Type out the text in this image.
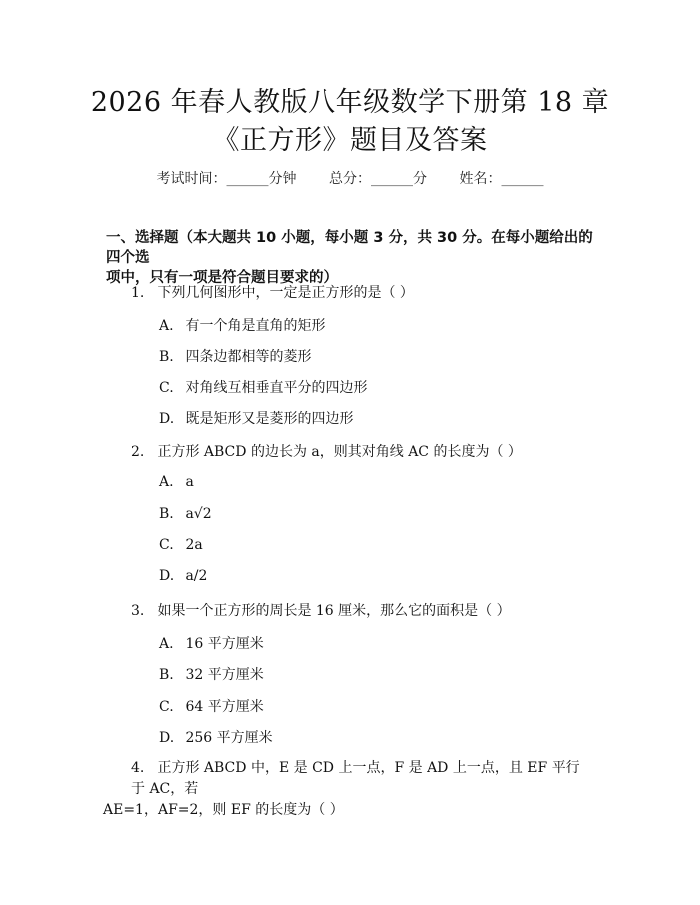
2026 年春人教版八年级数学下册第 18 章
《正方形》题目及答案
考试时间：______分钟 总分：______分 姓名：______
一、选择题（本大题共 10 小题，每小题 3 分，共 30 分。在每小题给出的四个选
项中，只有一项是符合题目要求的）
1. 下列几何图形中，一定是正方形的是（ ）
A. 有一个角是直角的矩形
B. 四条边都相等的菱形
C. 对角线互相垂直平分的四边形
D. 既是矩形又是菱形的四边形
2. 正方形 ABCD 的边长为 a，则其对角线 AC 的长度为（ ）
A. a
B. a√2
C. 2a
D. a/2
3. 如果一个正方形的周长是 16 厘米，那么它的面积是（ ）
A. 16 平方厘米
B. 32 平方厘米
C. 64 平方厘米
D. 256 平方厘米
4. 正方形 ABCD 中，E 是 CD 上一点，F 是 AD 上一点，且 EF 平行于 AC，若
AE=1，AF=2，则 EF 的长度为（ ）
